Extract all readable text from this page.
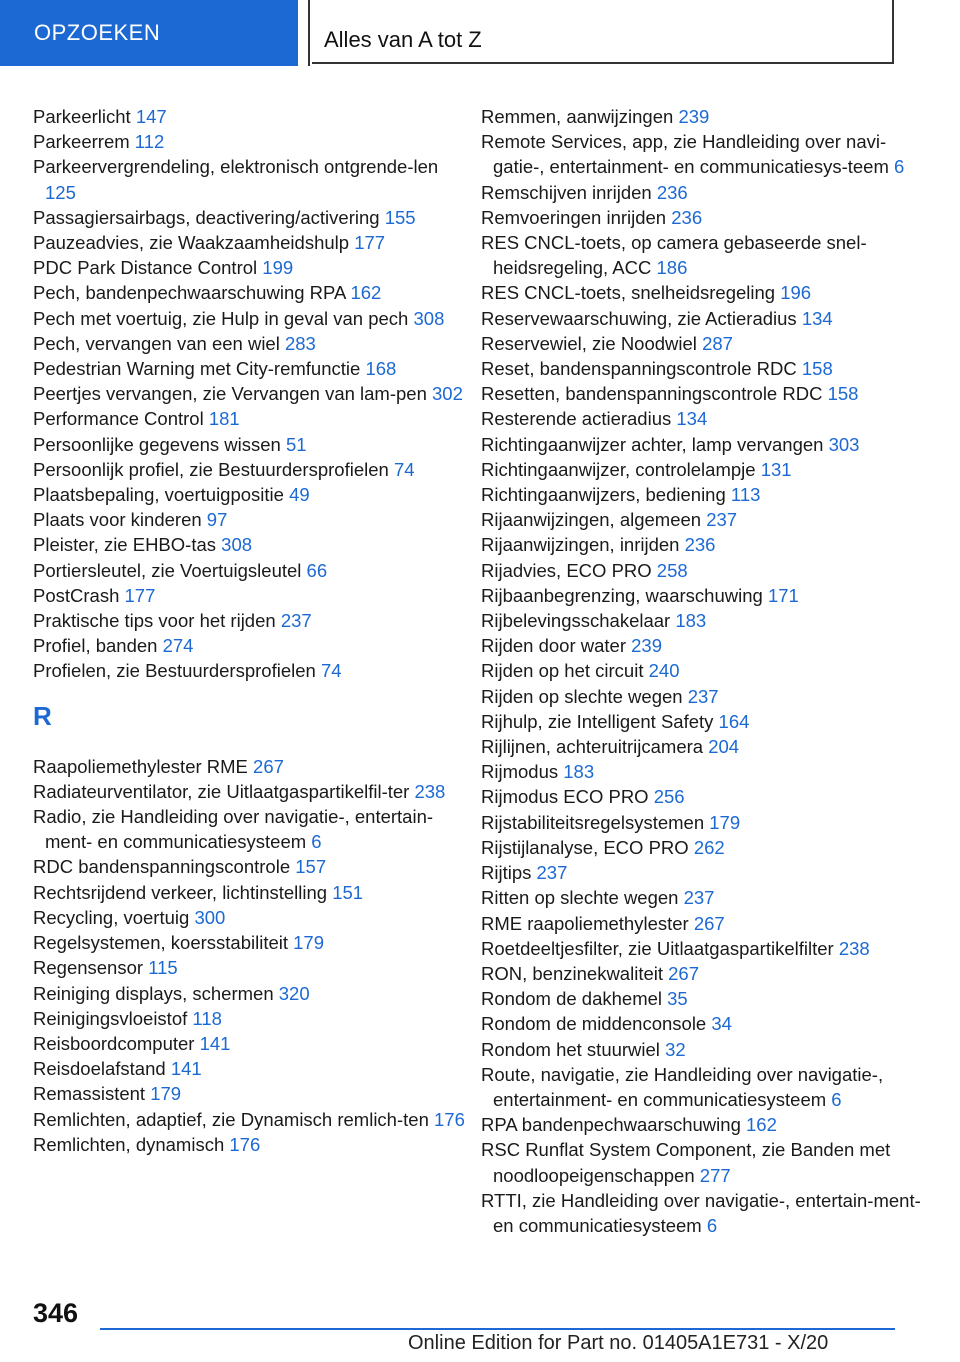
OPZOEKEN	Alles van A tot Z
Parkeerlicht 147
Parkeerrem 112
Parkeervergrendeling, elektronisch ontgrende‐len 125
Passagiersairbags, deactivering/activering 155
Pauzeadvies, zie Waakzaamheidshulp 177
PDC Park Distance Control 199
Pech, bandenpechwaarschuwing RPA 162
Pech met voertuig, zie Hulp in geval van pech 308
Pech, vervangen van een wiel 283
Pedestrian Warning met City-remfunctie 168
Peertjes vervangen, zie Vervangen van lam‐pen 302
Performance Control 181
Persoonlijke gegevens wissen 51
Persoonlijk profiel, zie Bestuurdersprofielen 74
Plaatsbepaling, voertuigpositie 49
Plaats voor kinderen 97
Pleister, zie EHBO-tas 308
Portiersleutel, zie Voertuigsleutel 66
PostCrash 177
Praktische tips voor het rijden 237
Profiel, banden 274
Profielen, zie Bestuurdersprofielen 74
R
Raapoliemethylester RME 267
Radiateurventilator, zie Uitlaatgaspartikelfil‐ter 238
Radio, zie Handleiding over navigatie-, entertain‐ment- en communicatiesysteem 6
RDC bandenspanningscontrole 157
Rechtsrijdend verkeer, lichtinstelling 151
Recycling, voertuig 300
Regelsystemen, koersstabiliteit 179
Regensensor 115
Reiniging displays, schermen 320
Reinigingsvloeistof 118
Reisboordcomputer 141
Reisdoelafstand 141
Remassistent 179
Remlichten, adaptief, zie Dynamisch remlich‐ten 176
Remlichten, dynamisch 176
Remmen, aanwijzingen 239
Remote Services, app, zie Handleiding over navi‐gatie-, entertainment- en communicatiesys‐teem 6
Remschijven inrijden 236
Remvoeringen inrijden 236
RES CNCL-toets, op camera gebaseerde snel‐heidsregeling, ACC 186
RES CNCL-toets, snelheidsregeling 196
Reservewaarschuwing, zie Actieradius 134
Reservewiel, zie Noodwiel 287
Reset, bandenspanningscontrole RDC 158
Resetten, bandenspanningscontrole RDC 158
Resterende actieradius 134
Richtingaanwijzer achter, lamp vervangen 303
Richtingaanwijzer, controlelampje 131
Richtingaanwijzers, bediening 113
Rijaanwijzingen, algemeen 237
Rijaanwijzingen, inrijden 236
Rijadvies, ECO PRO 258
Rijbaanbegrenzing, waarschuwing 171
Rijbelevingsschakelaar 183
Rijden door water 239
Rijden op het circuit 240
Rijden op slechte wegen 237
Rijhulp, zie Intelligent Safety 164
Rijlijnen, achteruitrijcamera 204
Rijmodus 183
Rijmodus ECO PRO 256
Rijstabiliteitsregelsystemen 179
Rijstijlanalyse, ECO PRO 262
Rijtips 237
Ritten op slechte wegen 237
RME raapoliemethylester 267
Roetdeeltjesfilter, zie Uitlaatgaspartikelfilter 238
RON, benzinekwaliteit 267
Rondom de dakhemel 35
Rondom de middenconsole 34
Rondom het stuurwiel 32
Route, navigatie, zie Handleiding over navigatie-, entertainment- en communicatiesysteem 6
RPA bandenpechwaarschuwing 162
RSC Runflat System Component, zie Banden met noodloopeigenschappen 277
RTTI, zie Handleiding over navigatie-, entertain‐ment- en communicatiesysteem 6
346
Online Edition for Part no. 01405A1E731 - X/20
